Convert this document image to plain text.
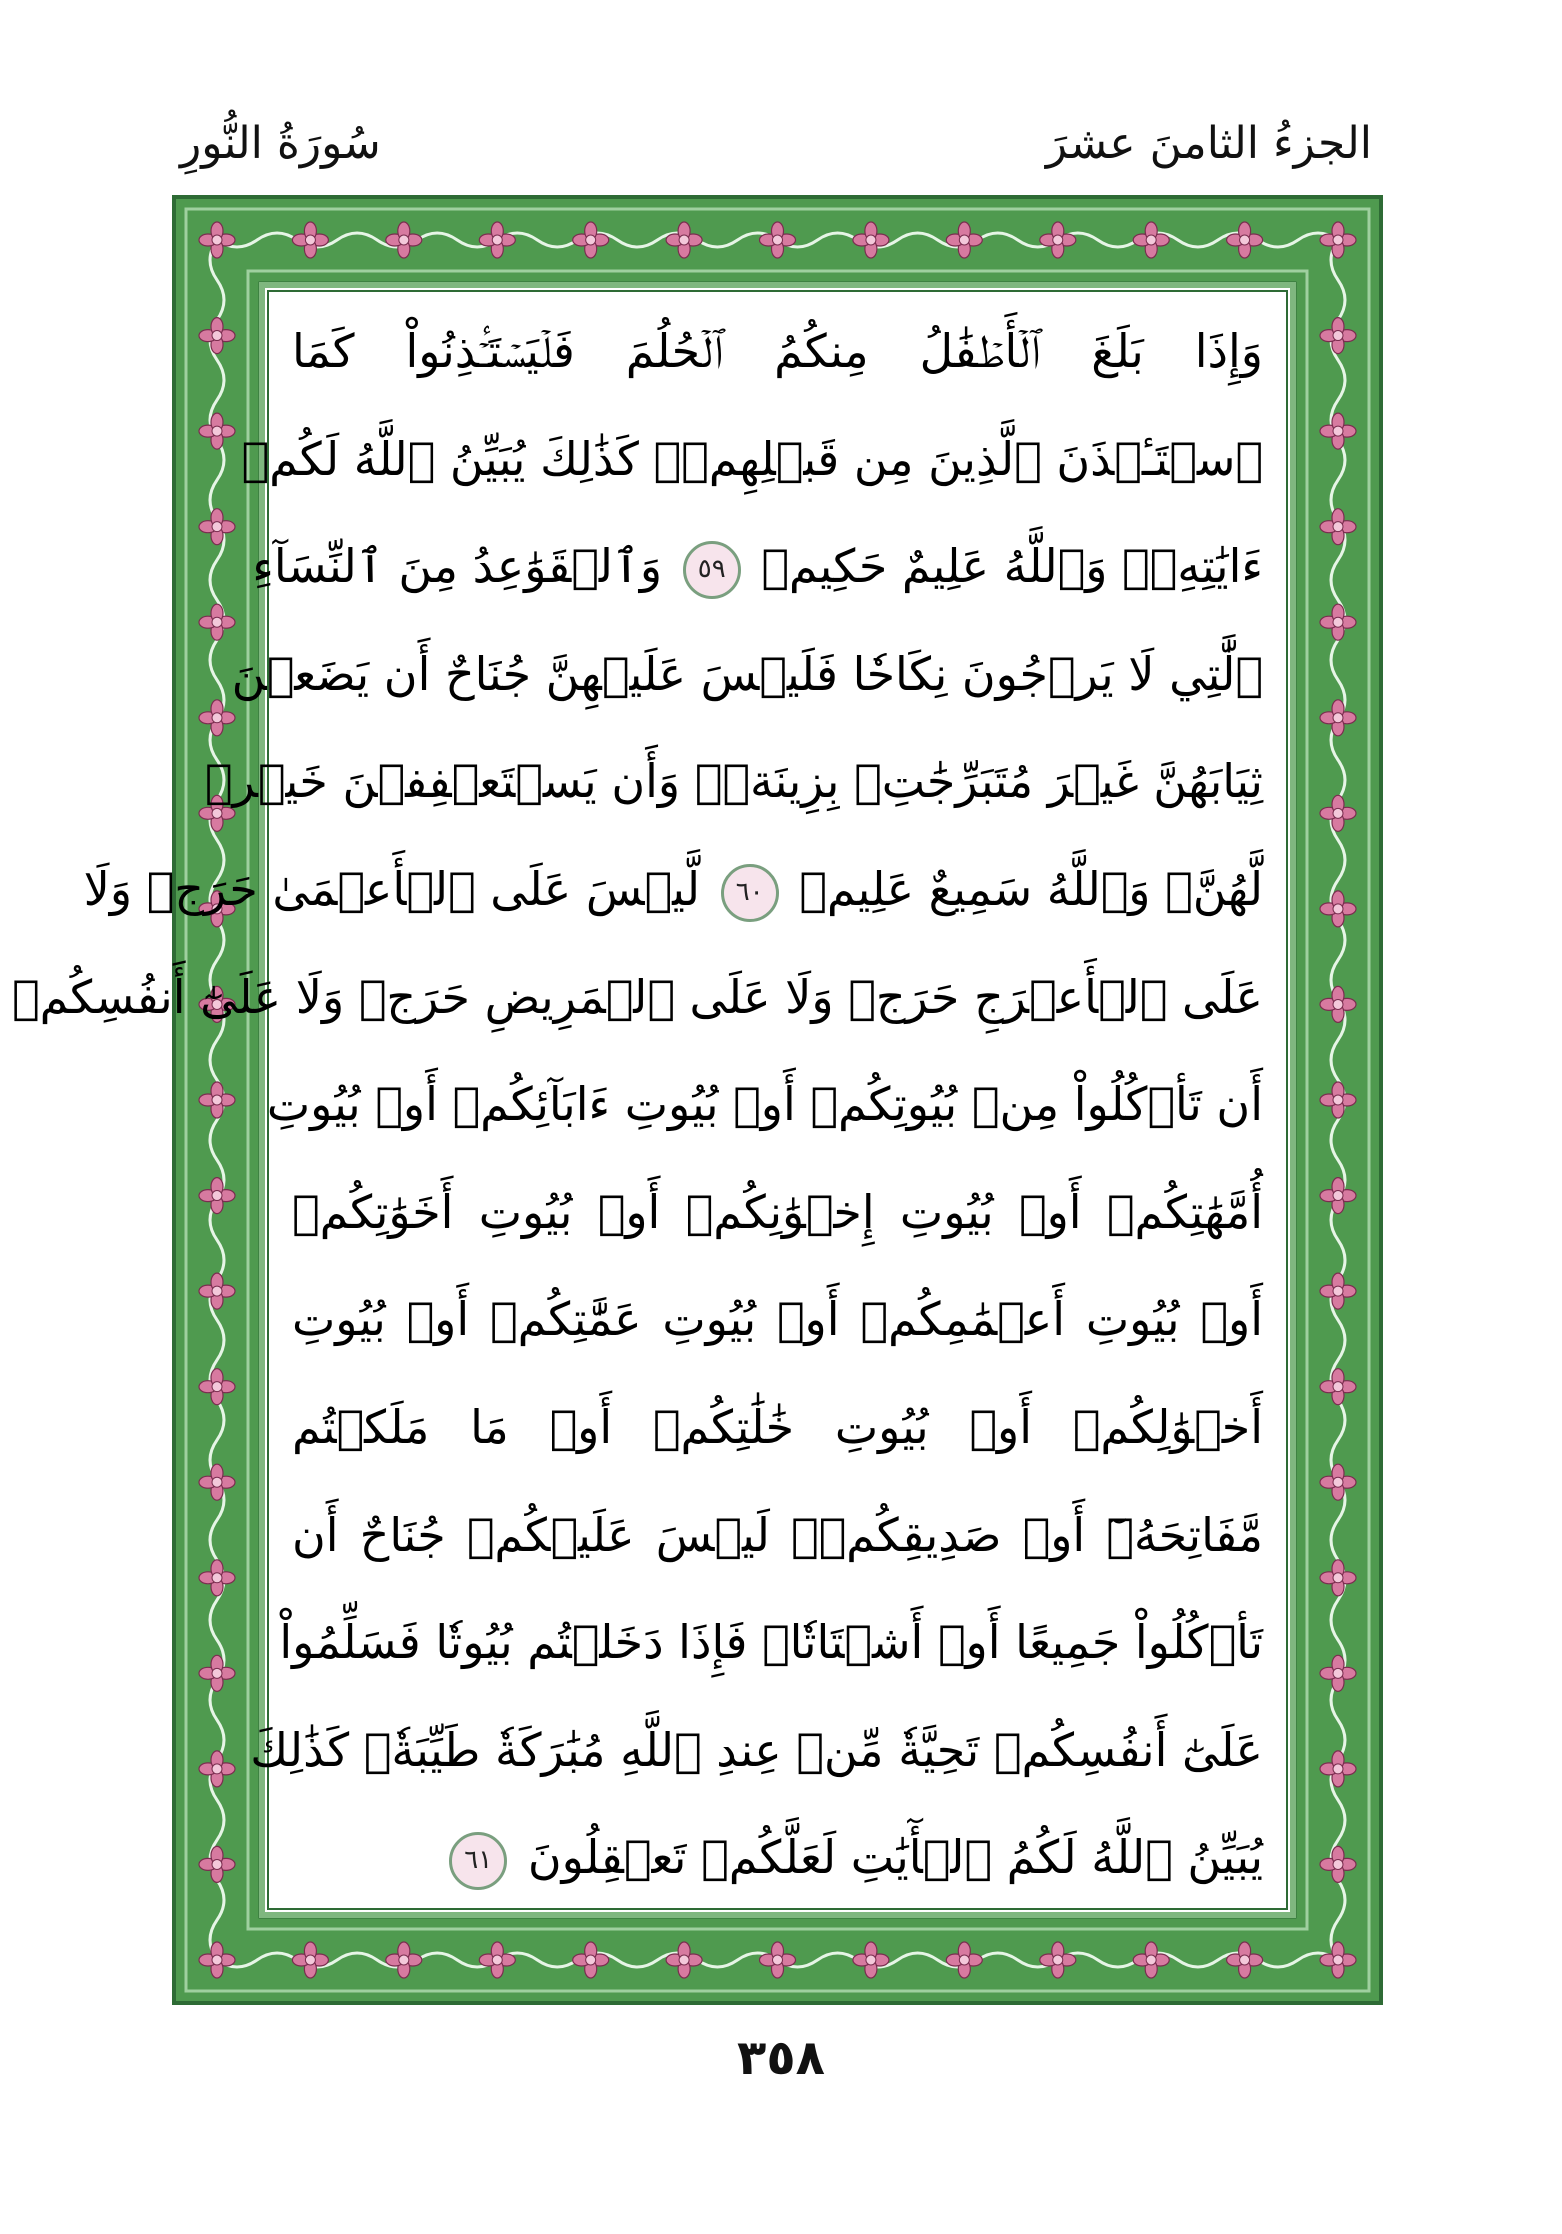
الجزءُ الثامنَ عشرَ
سُورَةُ النُّورِ
وَإِذَا بَلَغَ ٱلۡأَطۡفَٰلُ مِنكُمُ ٱلۡحُلُمَ فَلۡيَسۡتَـٔۡذِنُواْ كَمَا
ٱسۡتَـٔۡذَنَ ٱلَّذِينَ مِن قَبۡلِهِمۡۚ كَذَٰلِكَ يُبَيِّنُ ٱللَّهُ لَكُمۡ
ءَايَٰتِهِۦۗ وَٱللَّهُ عَلِيمٌ حَكِيمٞ ٥٩ وَٱلۡقَوَٰعِدُ مِنَ ٱلنِّسَآءِ
ٱلَّٰتِي لَا يَرۡجُونَ نِكَاحٗا فَلَيۡسَ عَلَيۡهِنَّ جُنَاحٌ أَن يَضَعۡنَ
ثِيَابَهُنَّ غَيۡرَ مُتَبَرِّجَٰتِۭ بِزِينَةٖۖ وَأَن يَسۡتَعۡفِفۡنَ خَيۡرٞ
لَّهُنَّۗ وَٱللَّهُ سَمِيعٌ عَلِيمٞ ٦٠ لَّيۡسَ عَلَى ٱلۡأَعۡمَىٰ حَرَجٞ وَلَا
عَلَى ٱلۡأَعۡرَجِ حَرَجٞ وَلَا عَلَى ٱلۡمَرِيضِ حَرَجٞ وَلَا عَلَىٰٓ أَنفُسِكُمۡ
أَن تَأۡكُلُواْ مِنۢ بُيُوتِكُمۡ أَوۡ بُيُوتِ ءَابَآئِكُمۡ أَوۡ بُيُوتِ
أُمَّهَٰتِكُمۡ أَوۡ بُيُوتِ إِخۡوَٰنِكُمۡ أَوۡ بُيُوتِ أَخَوَٰتِكُمۡ
أَوۡ بُيُوتِ أَعۡمَٰمِكُمۡ أَوۡ بُيُوتِ عَمَّٰتِكُمۡ أَوۡ بُيُوتِ
أَخۡوَٰلِكُمۡ أَوۡ بُيُوتِ خَٰلَٰتِكُمۡ أَوۡ مَا مَلَكۡتُم
مَّفَاتِحَهُۥٓ أَوۡ صَدِيقِكُمۡۚ لَيۡسَ عَلَيۡكُمۡ جُنَاحٌ أَن
تَأۡكُلُواْ جَمِيعًا أَوۡ أَشۡتَاتٗاۚ فَإِذَا دَخَلۡتُم بُيُوتٗا فَسَلِّمُواْ
عَلَىٰٓ أَنفُسِكُمۡ تَحِيَّةٗ مِّنۡ عِندِ ٱللَّهِ مُبَٰرَكَةٗ طَيِّبَةٗۚ كَذَٰلِكَ
يُبَيِّنُ ٱللَّهُ لَكُمُ ٱلۡأٓيَٰتِ لَعَلَّكُمۡ تَعۡقِلُونَ ٦١
٣٥٨
